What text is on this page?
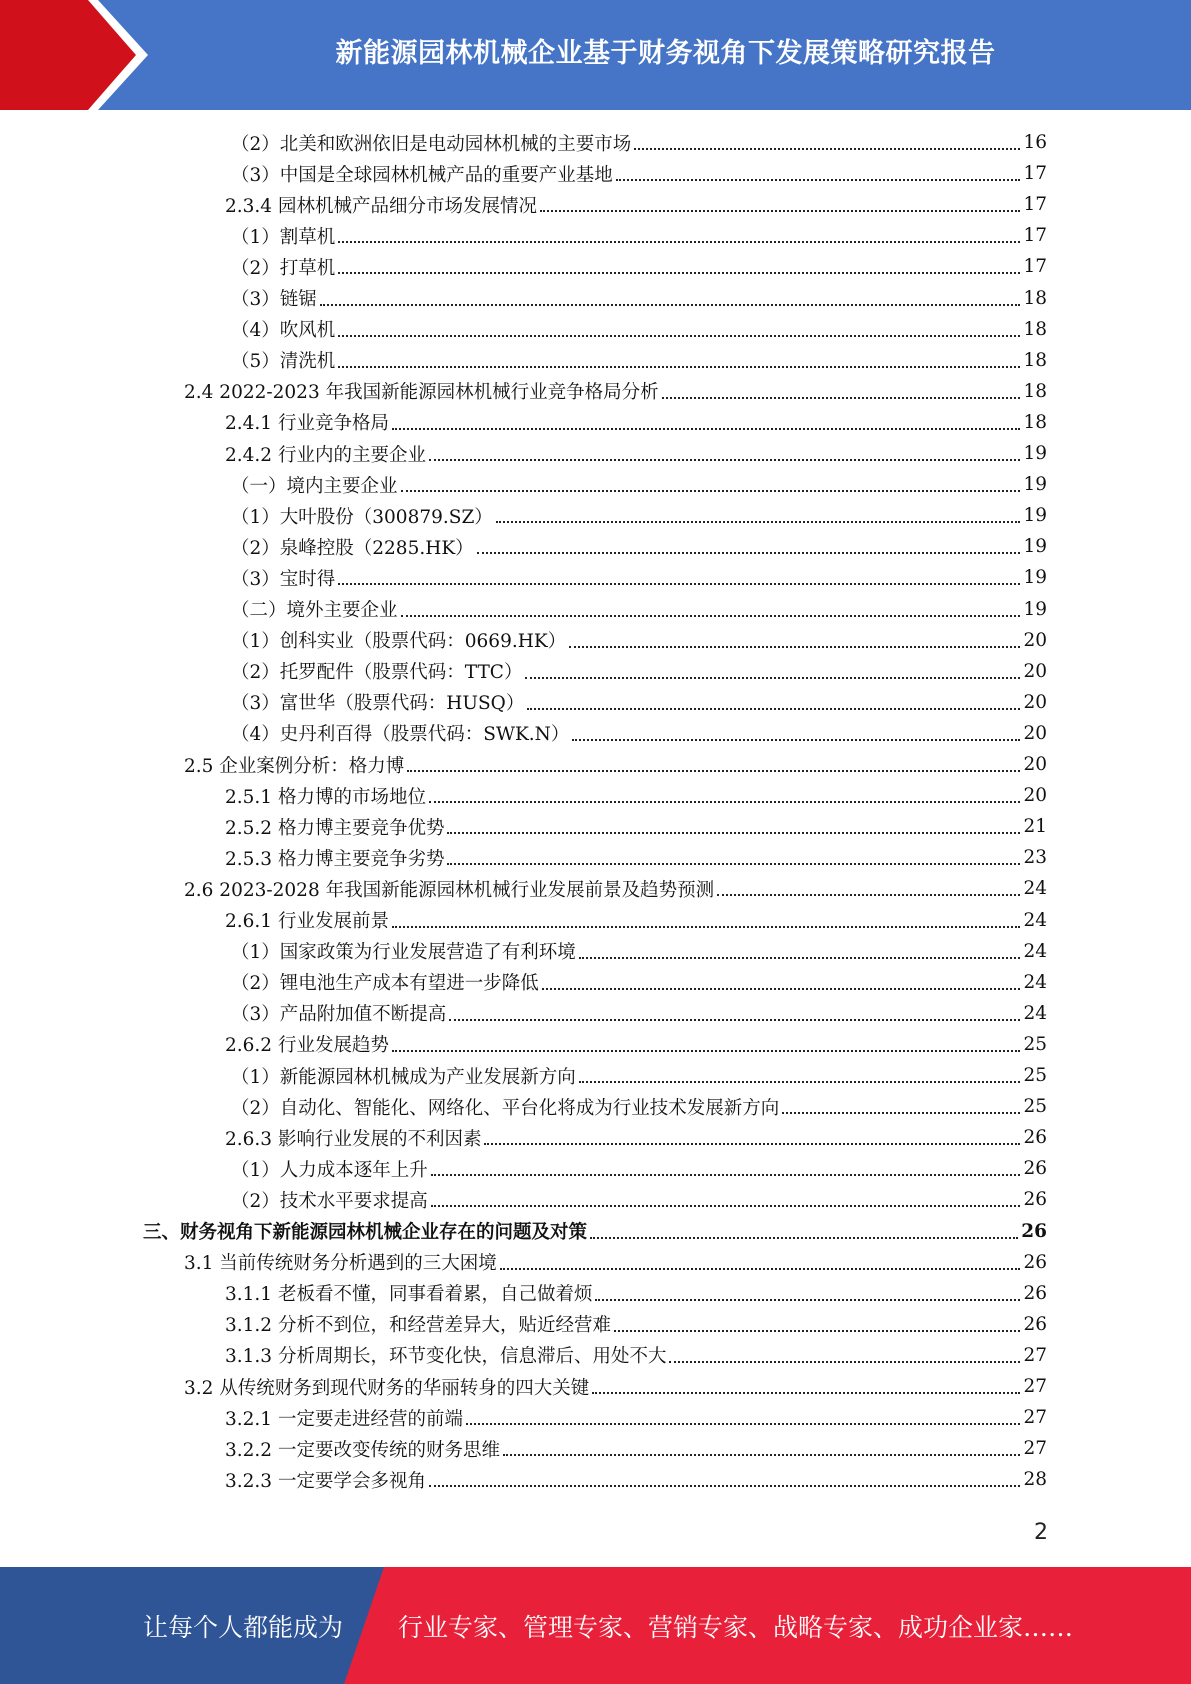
新能源园林机械企业基于财务视角下发展策略研究报告
（2）北美和欧洲依旧是电动园林机械的主要市场	16
（3）中国是全球园林机械产品的重要产业基地	17
2.3.4 园林机械产品细分市场发展情况	17
（1）割草机	17
（2）打草机	17
（3）链锯	18
（4）吹风机	18
（5）清洗机	18
2.4 2022-2023 年我国新能源园林机械行业竞争格局分析	18
2.4.1 行业竞争格局	18
2.4.2 行业内的主要企业	19
（一）境内主要企业	19
（1）大叶股份（300879.SZ）	19
（2）泉峰控股（2285.HK）	19
（3）宝时得	19
（二）境外主要企业	19
（1）创科实业（股票代码：0669.HK）	20
（2）托罗配件（股票代码：TTC）	20
（3）富世华（股票代码：HUSQ）	20
（4）史丹利百得（股票代码：SWK.N）	20
2.5 企业案例分析：格力博	20
2.5.1 格力博的市场地位	20
2.5.2 格力博主要竞争优势	21
2.5.3 格力博主要竞争劣势	23
2.6 2023-2028 年我国新能源园林机械行业发展前景及趋势预测	24
2.6.1 行业发展前景	24
（1）国家政策为行业发展营造了有利环境	24
（2）锂电池生产成本有望进一步降低	24
（3）产品附加值不断提高	24
2.6.2 行业发展趋势	25
（1）新能源园林机械成为产业发展新方向	25
（2）自动化、智能化、网络化、平台化将成为行业技术发展新方向	25
2.6.3 影响行业发展的不利因素	26
（1）人力成本逐年上升	26
（2）技术水平要求提高	26
三、财务视角下新能源园林机械企业存在的问题及对策	26
3.1 当前传统财务分析遇到的三大困境	26
3.1.1 老板看不懂，同事看着累，自己做着烦	26
3.1.2 分析不到位，和经营差异大，贴近经营难	26
3.1.3 分析周期长，环节变化快，信息滞后、用处不大	27
3.2 从传统财务到现代财务的华丽转身的四大关键	27
3.2.1 一定要走进经营的前端	27
3.2.2 一定要改变传统的财务思维	27
3.2.3 一定要学会多视角	28
2
让每个人都能成为 行业专家、管理专家、营销专家、战略专家、成功企业家……
